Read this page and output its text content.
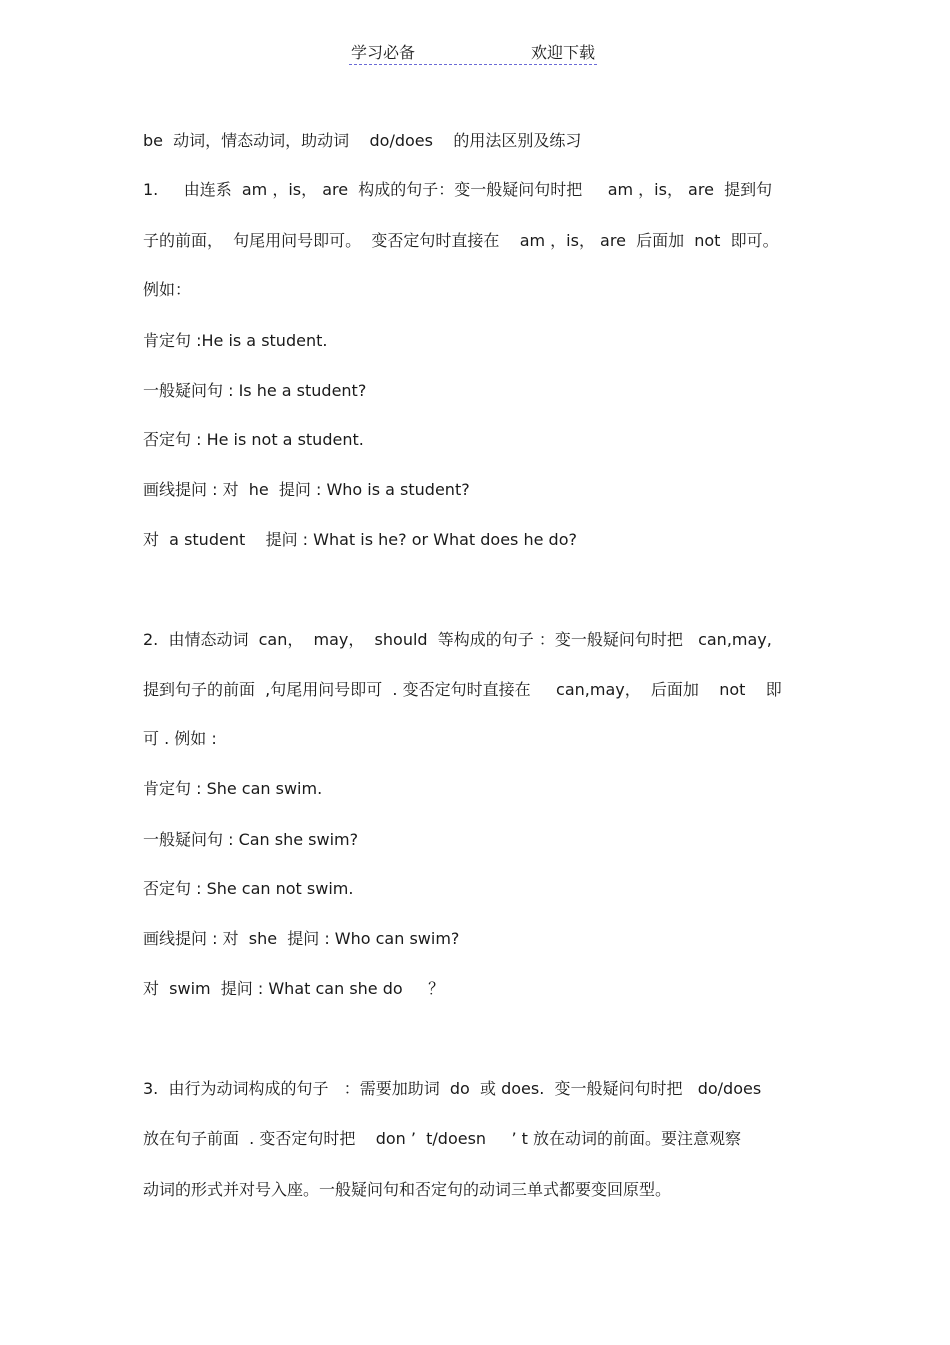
学习必备	欢迎下载
be  动词，情态动词，助动词    do/does    的用法区别及练习
1.     由连系  am ，is， are  构成的句子：变一般疑问句时把     am ，is， are  提到句
子的前面，  句尾用问号即可。  变否定句时直接在    am ，is， are  后面加  not  即可。
例如：
肯定句 :He is a student.
一般疑问句 : Is he a student?
否定句 : He is not a student.
画线提问 : 对  he  提问 : Who is a student?
对  a student    提问 : What is he? or What does he do?
2.  由情态动词  can，  may，  should  等构成的句子 ：变一般疑问句时把   can,may,
提到句子的前面  ,句尾用问号即可  . 变否定句时直接在     can,may，  后面加    not    即
可 . 例如 :
肯定句 : She can swim.
一般疑问句 : Can she swim?
否定句 : She can not swim.
画线提问 : 对  she  提问 : Who can swim?
对  swim  提问 : What can she do     ？
3.  由行为动词构成的句子   ：需要加助词  do  或 does.  变一般疑问句时把   do/does
放在句子前面  . 变否定句时把    don ’  t/doesn     ’ t 放在动词的前面。要注意观察
动词的形式并对号入座。一般疑问句和否定句的动词三单式都要变回原型。
